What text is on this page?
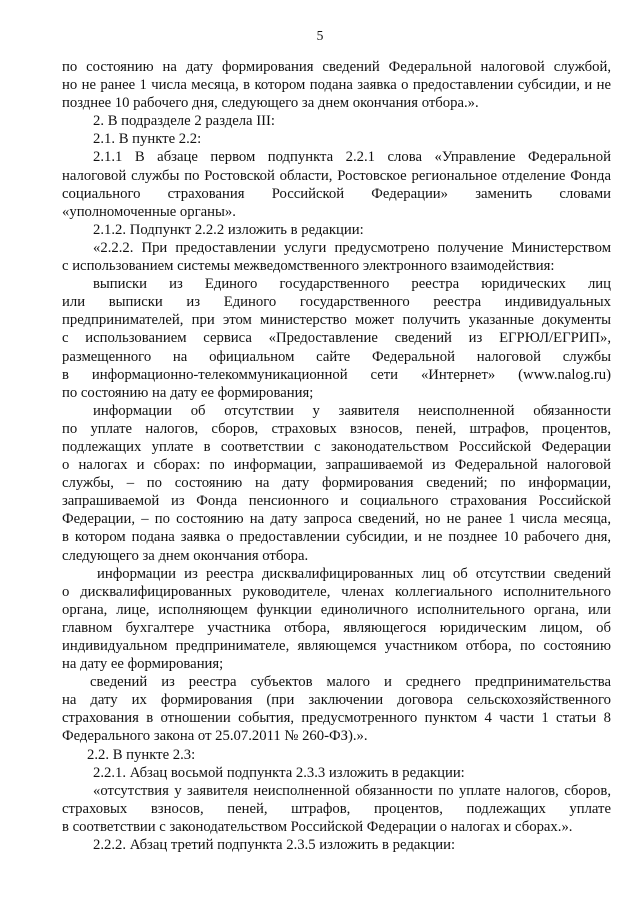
5
по состоянию на дату формирования сведений Федеральной налоговой службой,
но не ранее 1 числа месяца, в котором подана заявка о предоставлении субсидии, и не
позднее 10 рабочего дня, следующего за днем окончания отбора.».
2. В подразделе 2 раздела III:
2.1. В пункте 2.2:
2.1.1 В абзаце первом подпункта 2.2.1 слова «Управление Федеральной
налоговой службы по Ростовской области, Ростовское региональное отделение Фонда
социального страхования Российской Федерации» заменить словами
«уполномоченные органы».
2.1.2. Подпункт 2.2.2 изложить в редакции:
«2.2.2. При предоставлении услуги предусмотрено получение Министерством
с использованием системы межведомственного электронного взаимодействия:
выписки из Единого государственного реестра юридических лиц
или выписки из Единого государственного реестра индивидуальных
предпринимателей, при этом министерство может получить указанные документы
с использованием сервиса «Предоставление сведений из ЕГРЮЛ/ЕГРИП»,
размещенного на официальном сайте Федеральной налоговой службы
в информационно-телекоммуникационной сети «Интернет» (www.nalog.ru)
по состоянию на дату ее формирования;
информации об отсутствии у заявителя неисполненной обязанности
по уплате налогов, сборов, страховых взносов, пеней, штрафов, процентов,
подлежащих уплате в соответствии с законодательством Российской Федерации
о налогах и сборах: по информации, запрашиваемой из Федеральной налоговой
службы, – по состоянию на дату формирования сведений; по информации,
запрашиваемой из Фонда пенсионного и социального страхования Российской
Федерации, – по состоянию на дату запроса сведений, но не ранее 1 числа месяца,
в котором подана заявка о предоставлении субсидии, и не позднее 10 рабочего дня,
следующего за днем окончания отбора.
информации из реестра дисквалифицированных лиц об отсутствии сведений
о дисквалифицированных руководителе, членах коллегиального исполнительного
органа, лице, исполняющем функции единоличного исполнительного органа, или
главном бухгалтере участника отбора, являющегося юридическим лицом, об
индивидуальном предпринимателе, являющемся участником отбора, по состоянию
на дату ее формирования;
сведений из реестра субъектов малого и среднего предпринимательства
на дату их формирования (при заключении договора сельскохозяйственного
страхования в отношении события, предусмотренного пунктом 4 части 1 статьи 8
Федерального закона от 25.07.2011 № 260-ФЗ).».
2.2. В пункте 2.3:
2.2.1. Абзац восьмой подпункта 2.3.3 изложить в редакции:
«отсутствия у заявителя неисполненной обязанности по уплате налогов, сборов,
страховых взносов, пеней, штрафов, процентов, подлежащих уплате
в соответствии с законодательством Российской Федерации о налогах и сборах.».
2.2.2. Абзац третий подпункта 2.3.5 изложить в редакции:
